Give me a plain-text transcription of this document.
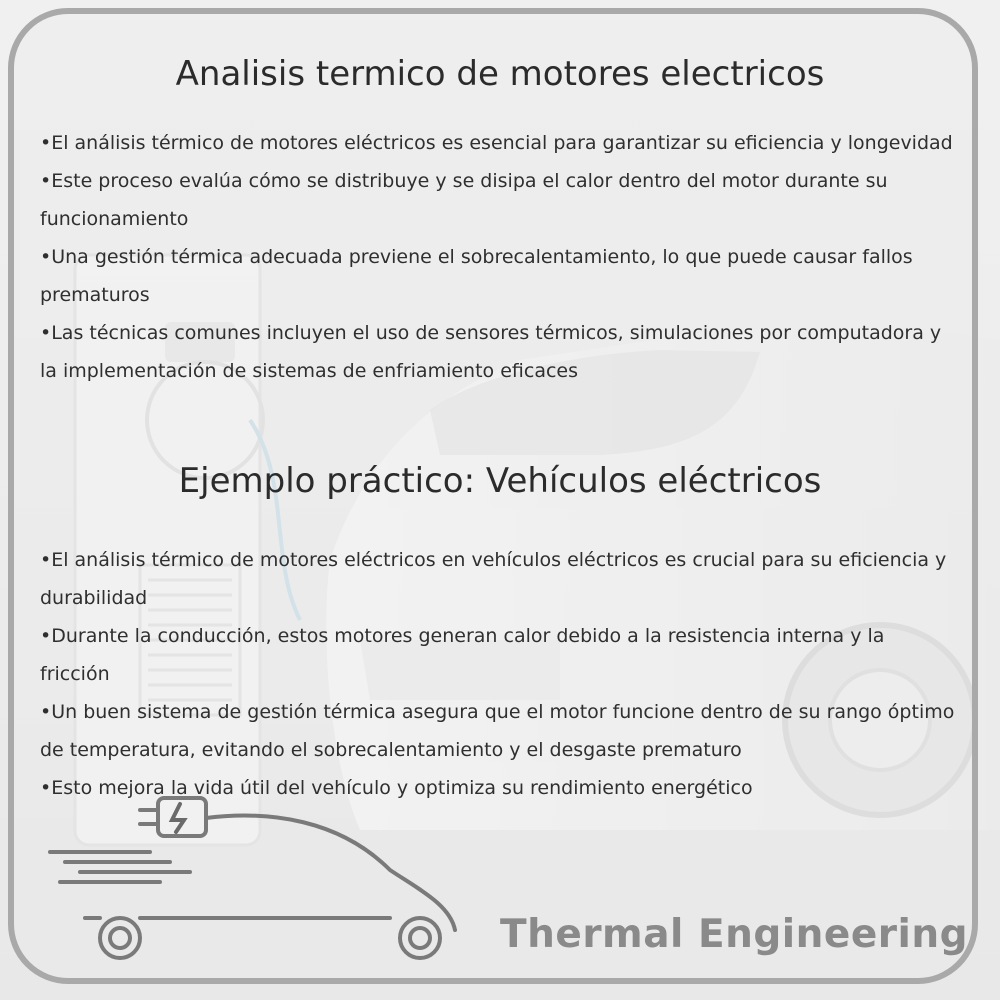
Analisis termico de motores electricos
• El análisis térmico de motores eléctricos es esencial para garantizar su eficiencia y longevidad
• Este proceso evalúa cómo se distribuye y se disipa el calor dentro del motor durante su funcionamiento
• Una gestión térmica adecuada previene el sobrecalentamiento, lo que puede causar fallos prematuros
• Las técnicas comunes incluyen el uso de sensores térmicos, simulaciones por computadora y la implementación de sistemas de enfriamiento eficaces
Ejemplo práctico: Vehículos eléctricos
• El análisis térmico de motores eléctricos en vehículos eléctricos es crucial para su eficiencia y durabilidad
• Durante la conducción, estos motores generan calor debido a la resistencia interna y la fricción
• Un buen sistema de gestión térmica asegura que el motor funcione dentro de su rango óptimo de temperatura, evitando el sobrecalentamiento y el desgaste prematuro
• Esto mejora la vida útil del vehículo y optimiza su rendimiento energético
Thermal Engineering
